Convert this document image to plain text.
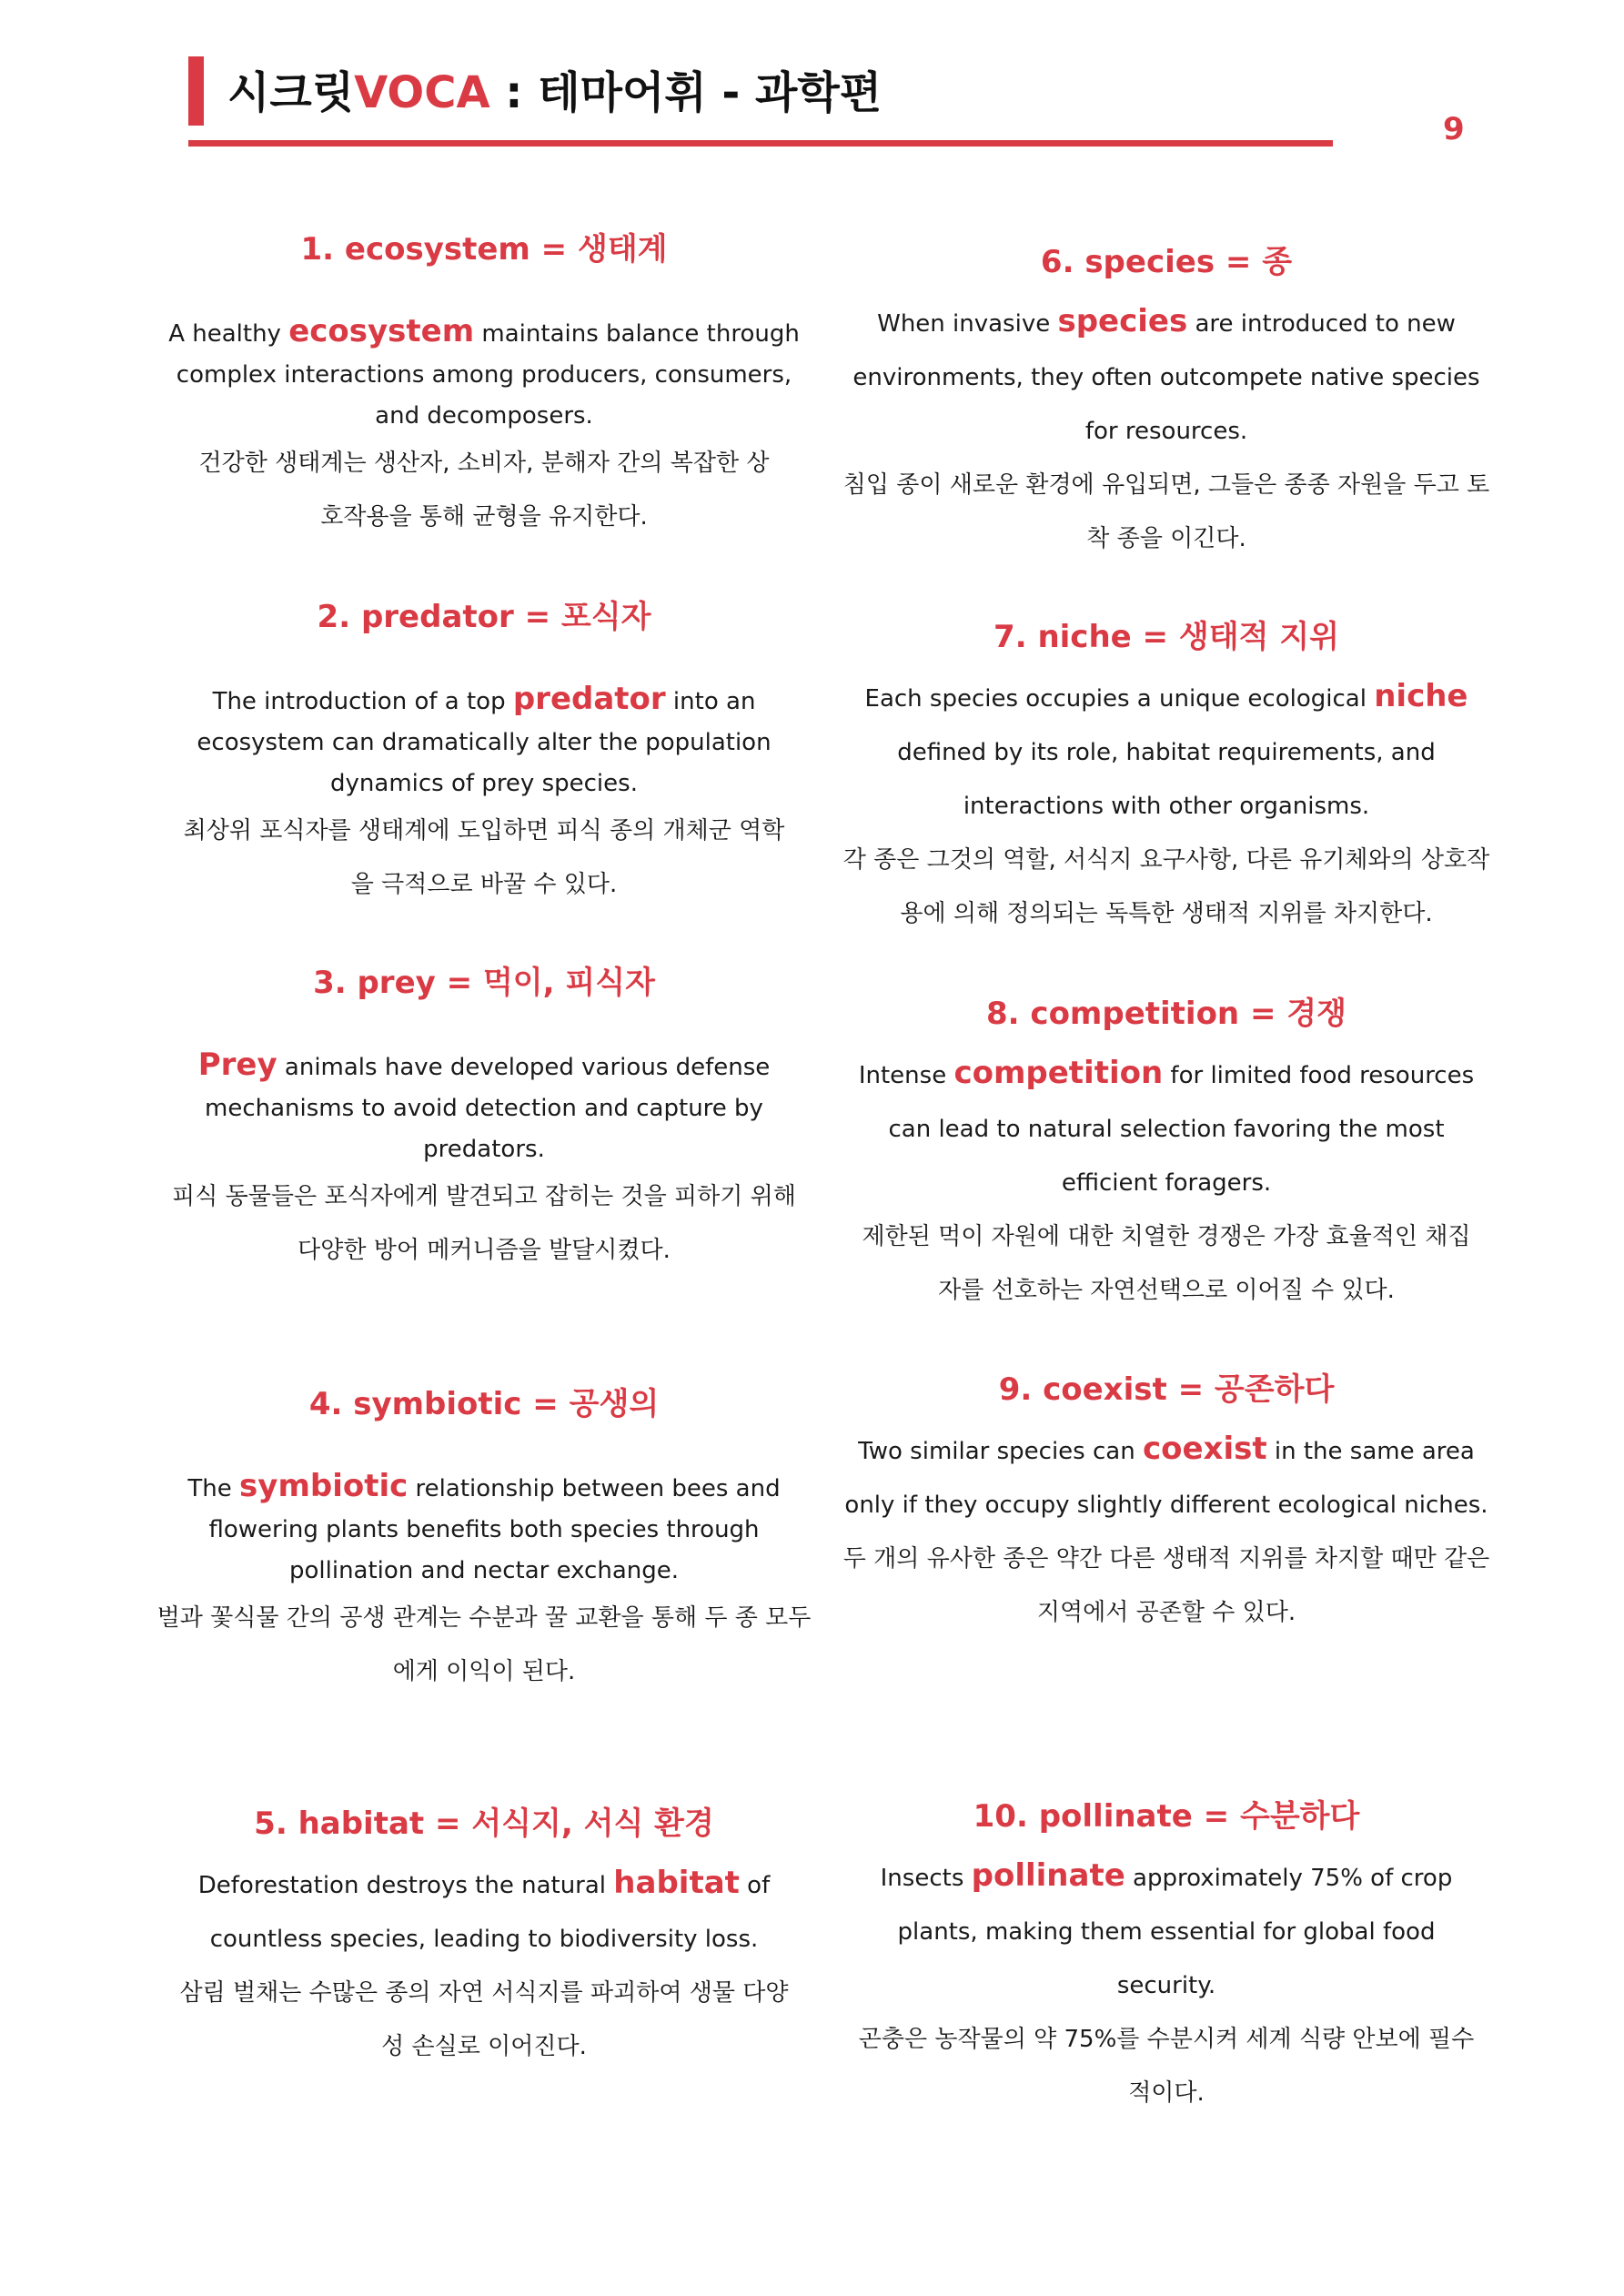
시크릿VOCA : 테마어휘 - 과학편
9
1. ecosystem = 생태계
A healthy ecosystem maintains balance through complex interactions among producers, consumers, and decomposers.
건강한 생태계는 생산자, 소비자, 분해자 간의 복잡한 상호작용을 통해 균형을 유지한다.
2. predator = 포식자
The introduction of a top predator into an ecosystem can dramatically alter the population dynamics of prey species.
최상위 포식자를 생태계에 도입하면 피식 종의 개체군 역학을 극적으로 바꿀 수 있다.
3. prey = 먹이, 피식자
Prey animals have developed various defense mechanisms to avoid detection and capture by predators.
피식 동물들은 포식자에게 발견되고 잡히는 것을 피하기 위해 다양한 방어 메커니즘을 발달시켰다.
4. symbiotic = 공생의
The symbiotic relationship between bees and flowering plants benefits both species through pollination and nectar exchange.
벌과 꽃식물 간의 공생 관계는 수분과 꿀 교환을 통해 두 종 모두에게 이익이 된다.
5. habitat = 서식지, 서식 환경
Deforestation destroys the natural habitat of countless species, leading to biodiversity loss.
삼림 벌채는 수많은 종의 자연 서식지를 파괴하여 생물 다양성 손실로 이어진다.
6. species = 종
When invasive species are introduced to new environments, they often outcompete native species for resources.
침입 종이 새로운 환경에 유입되면, 그들은 종종 자원을 두고 토착 종을 이긴다.
7. niche = 생태적 지위
Each species occupies a unique ecological niche defined by its role, habitat requirements, and interactions with other organisms.
각 종은 그것의 역할, 서식지 요구사항, 다른 유기체와의 상호작용에 의해 정의되는 독특한 생태적 지위를 차지한다.
8. competition = 경쟁
Intense competition for limited food resources can lead to natural selection favoring the most efficient foragers.
제한된 먹이 자원에 대한 치열한 경쟁은 가장 효율적인 채집자를 선호하는 자연선택으로 이어질 수 있다.
9. coexist = 공존하다
Two similar species can coexist in the same area only if they occupy slightly different ecological niches.
두 개의 유사한 종은 약간 다른 생태적 지위를 차지할 때만 같은 지역에서 공존할 수 있다.
10. pollinate = 수분하다
Insects pollinate approximately 75% of crop plants, making them essential for global food security.
곤충은 농작물의 약 75%를 수분시켜 세계 식량 안보에 필수적이다.
